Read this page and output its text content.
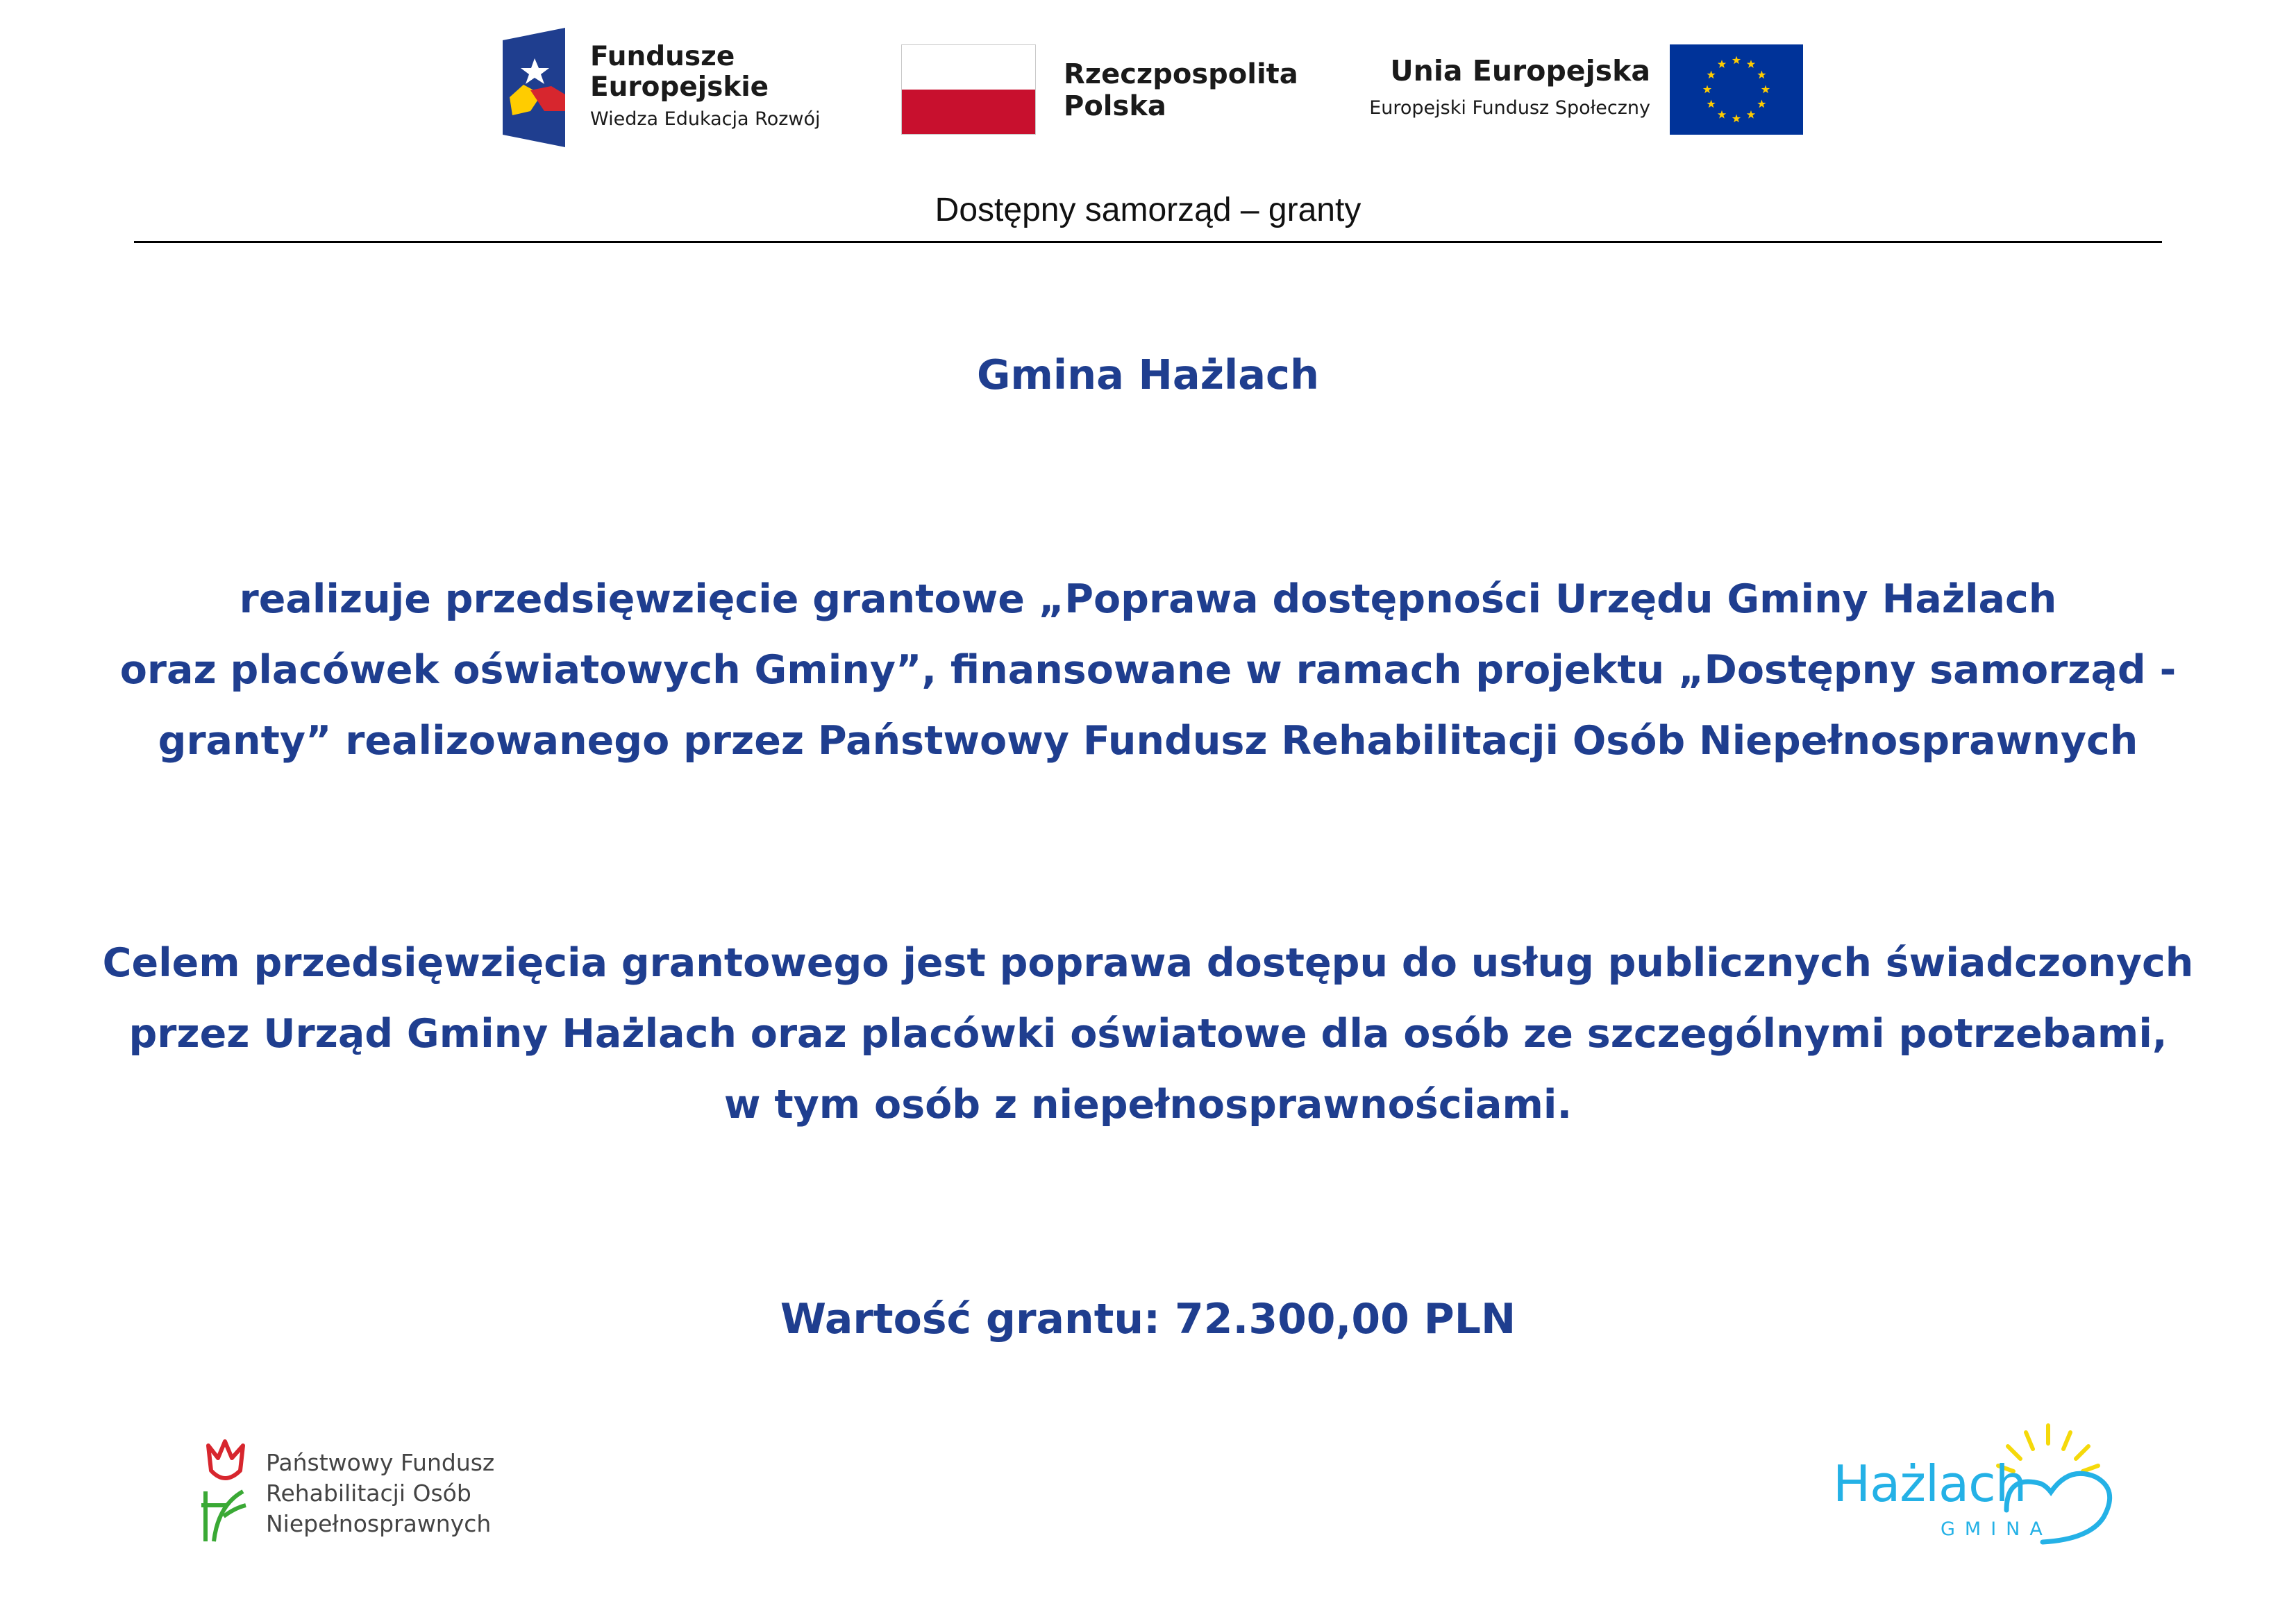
Fundusze
Europejskie
Wiedza Edukacja Rozwój
Rzeczpospolita
Polska
Unia Europejska
Europejski Fundusz Społeczny
Dostępny samorząd – granty
Gmina Hażlach
realizuje przedsięwzięcie grantowe „Poprawa dostępności Urzędu Gminy Hażlach
oraz placówek oświatowych Gminy”, finansowane w ramach projektu „Dostępny samorząd -
granty” realizowanego przez Państwowy Fundusz Rehabilitacji Osób Niepełnosprawnych
Celem przedsięwzięcia grantowego jest poprawa dostępu do usług publicznych świadczonych
przez Urząd Gminy Hażlach oraz placówki oświatowe dla osób ze szczególnymi potrzebami,
w tym osób z niepełnosprawnościami.
Wartość grantu: 72.300,00 PLN
Państwowy Fundusz
Rehabilitacji Osób
Niepełnosprawnych
Hażlach
GMINA
